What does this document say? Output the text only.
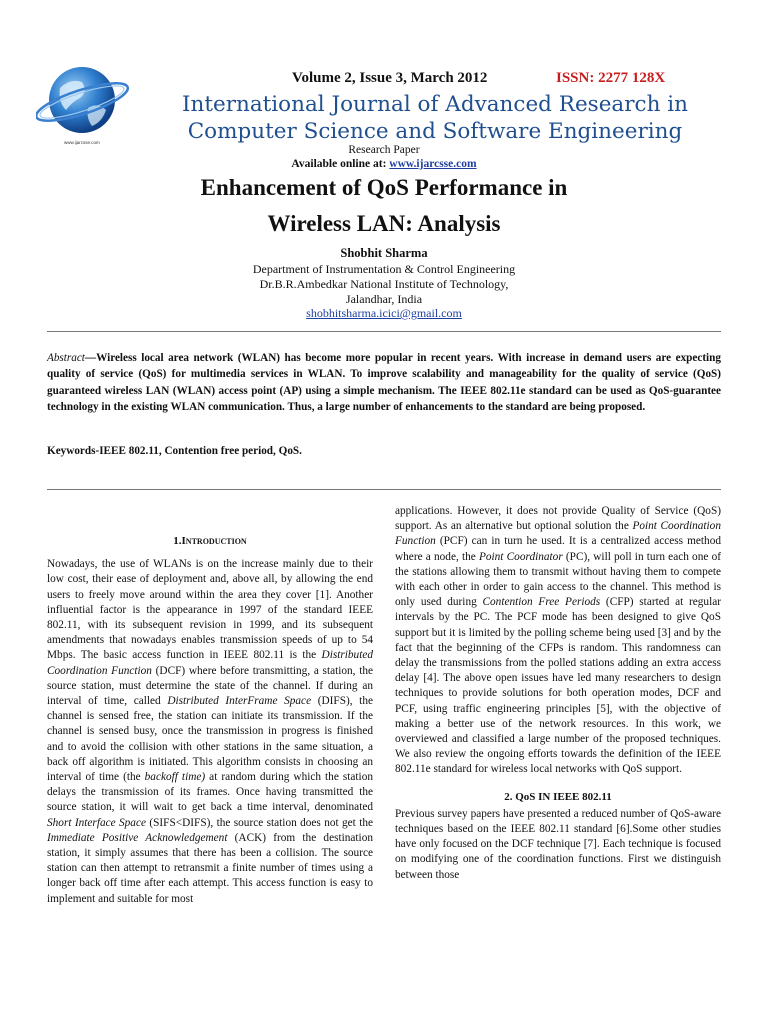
www.ijarcsse.com
Volume 2, Issue 3, March 2012	ISSN: 2277 128X
International Journal of Advanced Research in
Computer Science and Software Engineering
Research Paper
Available online at: www.ijarcsse.com
Enhancement of QoS Performance in
Wireless LAN: Analysis
Shobhit Sharma
Department of Instrumentation & Control Engineering
Dr.B.R.Ambedkar National Institute of Technology,
Jalandhar, India
shobhitsharma.icici@gmail.com

Abstract—Wireless local area network (WLAN) has become more popular in recent years. With increase in demand users are expecting quality of service (QoS) for multimedia services in WLAN. To improve scalability and manageability for the quality of service (QoS) guaranteed wireless LAN (WLAN) access point (AP) using a simple mechanism. The IEEE 802.11e standard can be used as QoS-guarantee technology in the existing WLAN communication. Thus, a large number of enhancements to the standard are being proposed.

Keywords-IEEE 802.11, Contention free period, QoS.
1.Introduction

Nowadays, the use of WLANs is on the increase mainly due to their low cost, their ease of deployment and, above all, by allowing the end users to freely move around within the area they cover [1]. Another influential factor is the appearance in 1997 of the standard IEEE 802.11, with its subsequent revision in 1999, and its subsequent amendments that nowadays enables transmission speeds of up to 54 Mbps. The basic access function in IEEE 802.11 is the Distributed Coordination Function (DCF) where before transmitting, a station, the source station, must determine the state of the channel. If during an interval of time, called Distributed InterFrame Space (DIFS), the channel is sensed free, the station can initiate its transmission. If the channel is sensed busy, once the transmission in progress is finished and to avoid the collision with other stations in the same situation, a back off algorithm is initiated. This algorithm consists in choosing an interval of time (the backoff time) at random during which the station delays the transmission of its frames. Once having transmitted the source station, it will wait to get back a time interval, denominated Short Interface Space (SIFS<DIFS), the source station does not get the Immediate Positive Acknowledgement (ACK) from the destination station, it simply assumes that there has been a collision. The source station can then attempt to retransmit a finite number of times using a longer back off time after each attempt. This access function is easy to implement and suitable for most

applications. However, it does not provide Quality of Service (QoS) support. As an alternative but optional solution the Point Coordination Function (PCF) can in turn he used. It is a centralized access method where a node, the Point Coordinator (PC), will poll in turn each one of the stations allowing them to transmit without having them to compete with each other in order to gain access to the channel. This method is only used during Contention Free Periods (CFP) started at regular intervals by the PC. The PCF mode has been designed to give QoS support but it is limited by the polling scheme being used [3] and by the fact that the beginning of the CFPs is random. This randomness can delay the transmissions from the polled stations adding an extra access delay [4]. The above open issues have led many researchers to design techniques to provide solutions for both operation modes, DCF and PCF, using traffic engineering principles [5], with the objective of making a better use of the network resources. In this work, we overviewed and classified a large number of the proposed techniques. We also review the ongoing efforts towards the definition of the IEEE 802.11e standard for wireless local networks with QoS support.

2. QoS IN IEEE 802.11

Previous survey papers have presented a reduced number of QoS-aware techniques based on the IEEE 802.11 standard [6].Some other studies have only focused on the DCF technique [7]. Each technique is focused on modifying one of the coordination functions. First we distinguish between those
